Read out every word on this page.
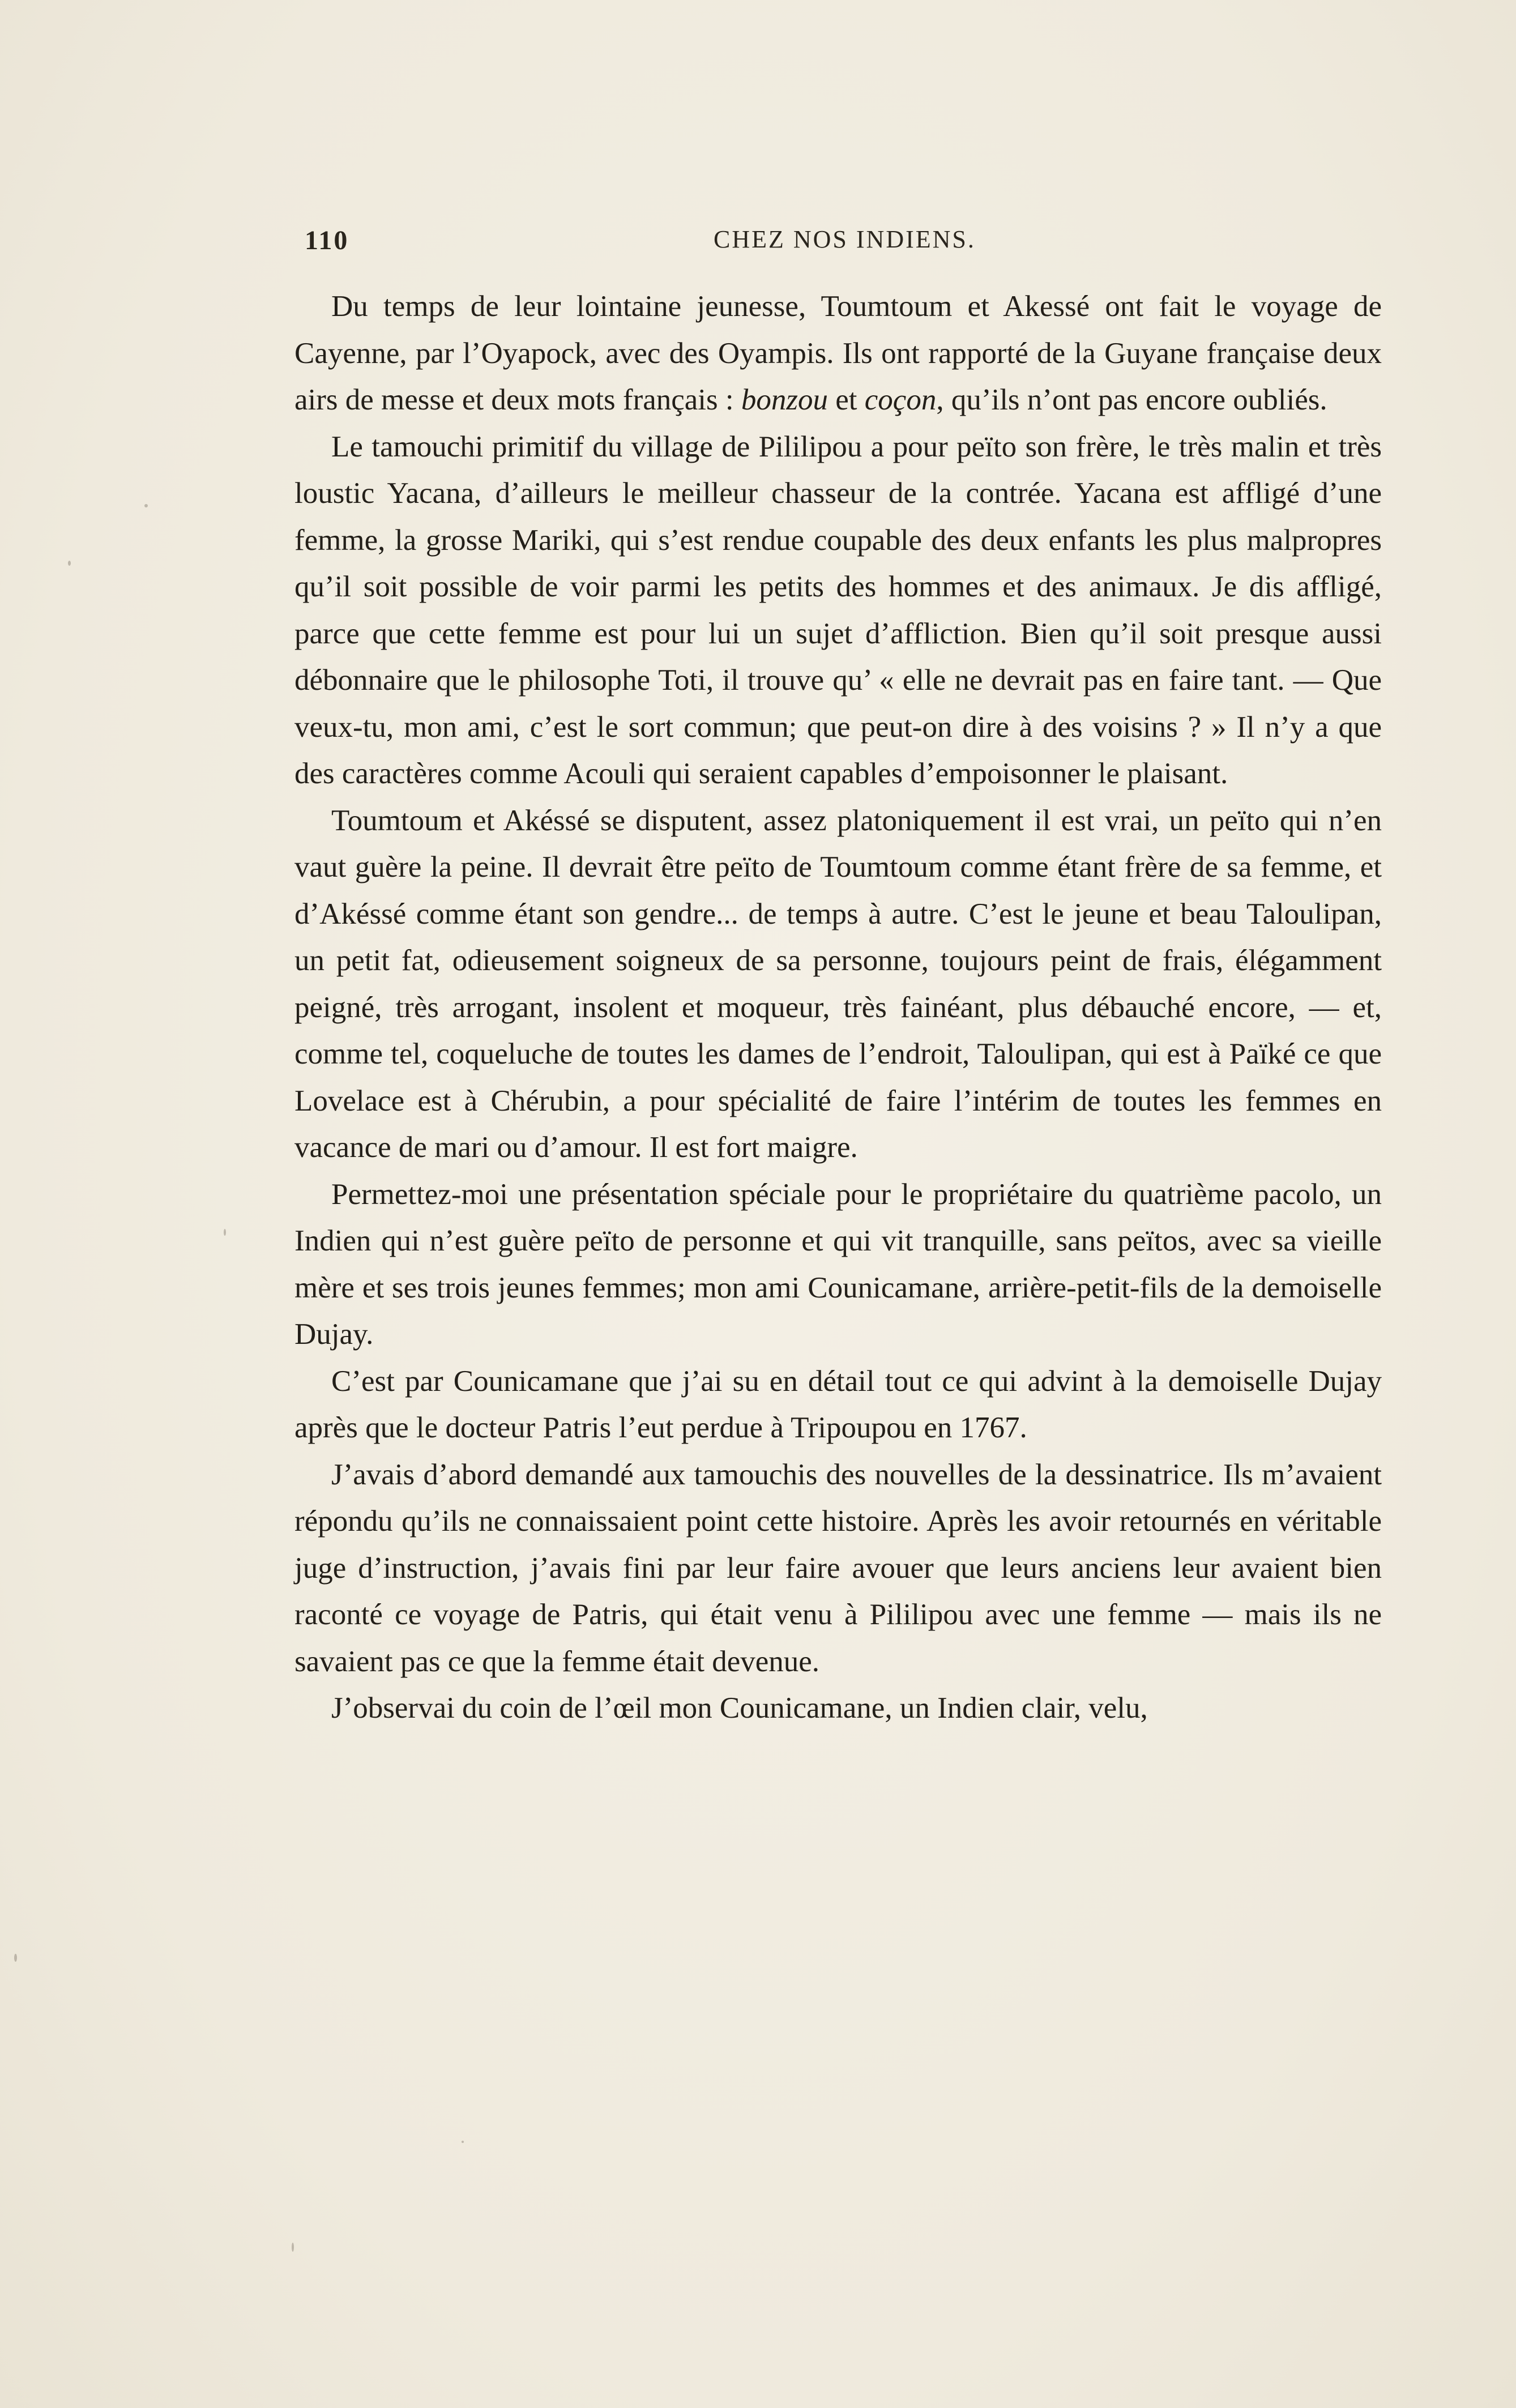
110	CHEZ NOS INDIENS.

Du temps de leur lointaine jeunesse, Toumtoum et Akessé ont fait le voyage de Cayenne, par l’Oyapock, avec des Oyampis. Ils ont rapporté de la Guyane française deux airs de messe et deux mots français : bonzou et coçon, qu’ils n’ont pas encore oubliés.

Le tamouchi primitif du village de Pililipou a pour peïto son frère, le très malin et très loustic Yacana, d’ailleurs le meilleur chasseur de la contrée. Yacana est affligé d’une femme, la grosse Mariki, qui s’est rendue coupable des deux enfants les plus malpropres qu’il soit possible de voir parmi les petits des hommes et des animaux. Je dis affligé, parce que cette femme est pour lui un sujet d’affliction. Bien qu’il soit presque aussi débonnaire que le philosophe Toti, il trouve qu’ « elle ne devrait pas en faire tant. — Que veux-tu, mon ami, c’est le sort commun; que peut-on dire à des voisins ? » Il n’y a que des caractères comme Acouli qui seraient capables d’empoisonner le plaisant.

Toumtoum et Akéssé se disputent, assez platoniquement il est vrai, un peïto qui n’en vaut guère la peine. Il devrait être peïto de Toumtoum comme étant frère de sa femme, et d’Akéssé comme étant son gendre... de temps à autre. C’est le jeune et beau Taloulipan, un petit fat, odieusement soigneux de sa personne, toujours peint de frais, élégamment peigné, très arrogant, insolent et moqueur, très fainéant, plus débauché encore, — et, comme tel, coqueluche de toutes les dames de l’endroit, Taloulipan, qui est à Païké ce que Lovelace est à Chérubin, a pour spécialité de faire l’intérim de toutes les femmes en vacance de mari ou d’amour. Il est fort maigre.

Permettez-moi une présentation spéciale pour le propriétaire du quatrième pacolo, un Indien qui n’est guère peïto de personne et qui vit tranquille, sans peïtos, avec sa vieille mère et ses trois jeunes femmes; mon ami Counicamane, arrière-petit-fils de la demoiselle Dujay.

C’est par Counicamane que j’ai su en détail tout ce qui advint à la demoiselle Dujay après que le docteur Patris l’eut perdue à Tripoupou en 1767.

J’avais d’abord demandé aux tamouchis des nouvelles de la dessinatrice. Ils m’avaient répondu qu’ils ne connaissaient point cette histoire. Après les avoir retournés en véritable juge d’instruction, j’avais fini par leur faire avouer que leurs anciens leur avaient bien raconté ce voyage de Patris, qui était venu à Pililipou avec une femme — mais ils ne savaient pas ce que la femme était devenue.

J’observai du coin de l’œil mon Counicamane, un Indien clair, velu,
